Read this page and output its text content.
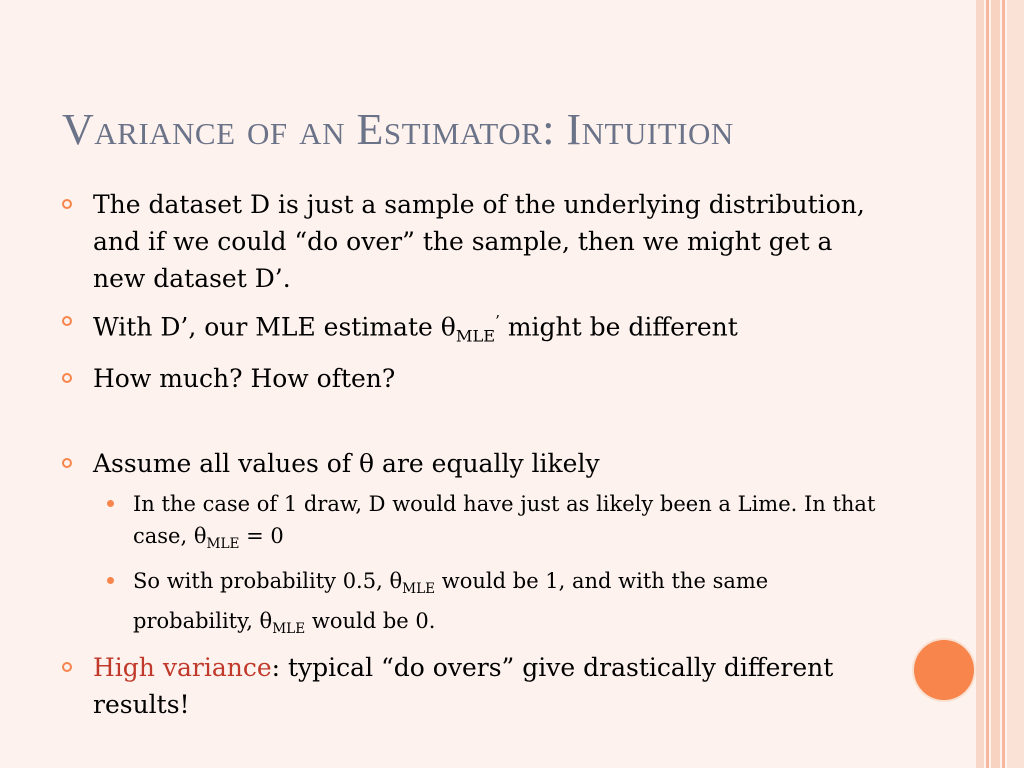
Variance of an Estimator: Intuition
The dataset D is just a sample of the underlying distribution, and if we could “do over” the sample, then we might get a new dataset D’.
With D’, our MLE estimate $\theta_{MLE}^’$ might be different
How much? How often?
Assume all values of θ are equally likely
In the case of 1 draw, D would have just as likely been a Lime. In that case, $\theta_{MLE} = 0$
So with probability 0.5, $\theta_{MLE}$ would be 1, and with the same probability, $\theta_{MLE}$ would be 0.
High variance: typical “do overs” give drastically different results!
